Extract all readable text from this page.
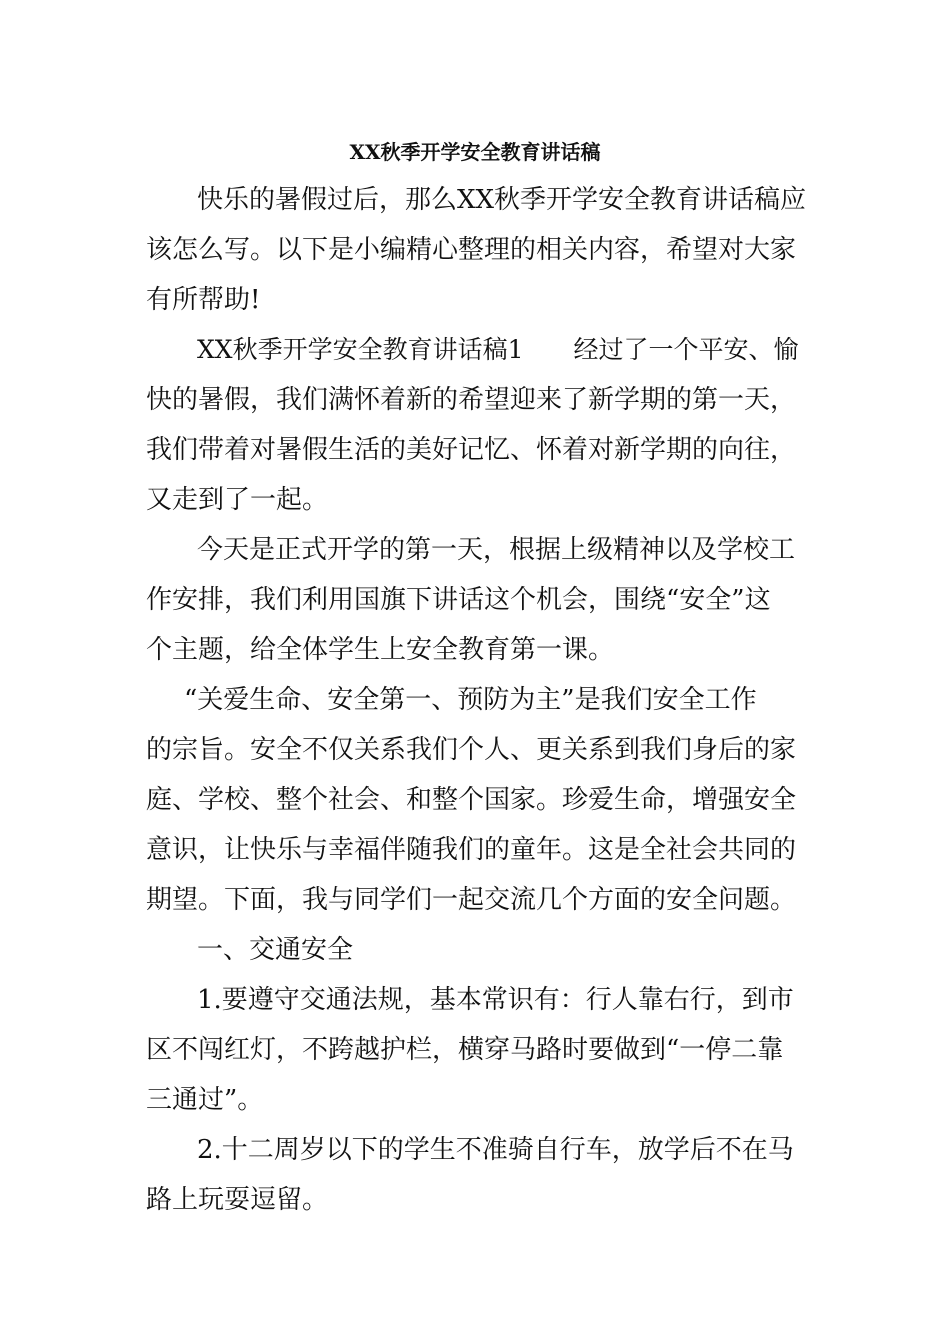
XX秋季开学安全教育讲话稿
快乐的暑假过后，那么XX秋季开学安全教育讲话稿应
该怎么写。以下是小编精心整理的相关内容，希望对大家
有所帮助!
XX秋季开学安全教育讲话稿1　　经过了一个平安、愉
快的暑假，我们满怀着新的希望迎来了新学期的第一天，
我们带着对暑假生活的美好记忆、怀着对新学期的向往，
又走到了一起。
今天是正式开学的第一天，根据上级精神以及学校工
作安排，我们利用国旗下讲话这个机会，围绕“安全”这
个主题，给全体学生上安全教育第一课。
“关爱生命、安全第一、预防为主”是我们安全工作
的宗旨。安全不仅关系我们个人、更关系到我们身后的家
庭、学校、整个社会、和整个国家。珍爱生命，增强安全
意识，让快乐与幸福伴随我们的童年。这是全社会共同的
期望。下面，我与同学们一起交流几个方面的安全问题。
一、交通安全
1.要遵守交通法规，基本常识有：行人靠右行，到市
区不闯红灯，不跨越护栏，横穿马路时要做到“一停二靠
三通过”。
2.十二周岁以下的学生不准骑自行车，放学后不在马
路上玩耍逗留。
